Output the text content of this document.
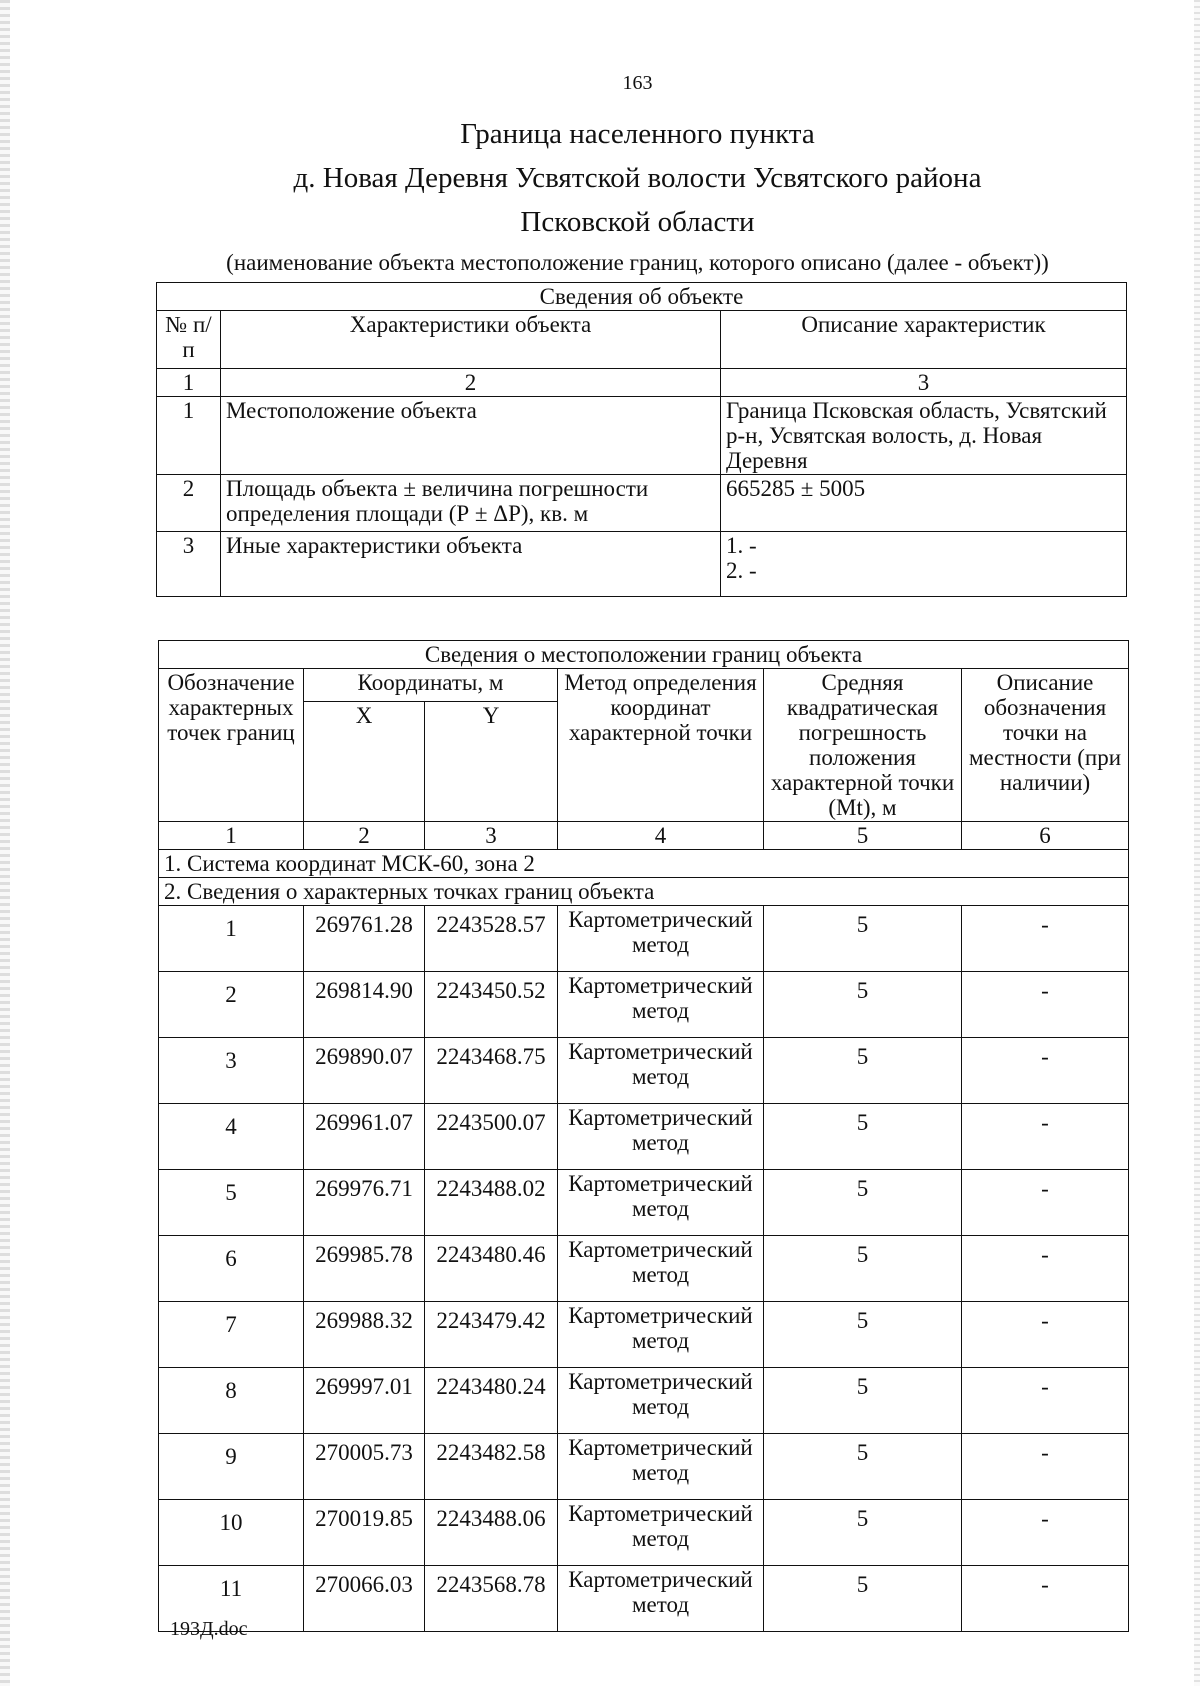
163
Граница населенного пункта
д. Новая Деревня Усвятской волости Усвятского района
Псковской области
(наименование объекта местоположение границ, которого описано (далее - объект))
Сведения об объекте		
№ п/п	Характеристики объекта	Описание характеристик
1	2	3
1	Местоположение объекта	Граница Псковская область, Усвятский р-н, Усвятская волость, д. Новая Деревня
2	Площадь объекта ± величина погрешности определения площади (Р ± ΔР), кв. м	665285 ± 5005
3	Иные характеристики объекта	1. -
2. -
Сведения о местоположении границ объекта					
Обозначение характерных точек границ	Координаты, м		Метод определения координат характерной точки	Средняя квадратическая погрешность положения характерной точки (Mt), м	Описание обозначения точки на местности (при наличии)
	X	Y			
1	2	3	4	5	6
1. Система координат МСК-60, зона 2					
2. Сведения о характерных точках границ объекта					
1	269761.28	2243528.57	Картометрический метод	5	-
2	269814.90	2243450.52	Картометрический метод	5	-
3	269890.07	2243468.75	Картометрический метод	5	-
4	269961.07	2243500.07	Картометрический метод	5	-
5	269976.71	2243488.02	Картометрический метод	5	-
6	269985.78	2243480.46	Картометрический метод	5	-
7	269988.32	2243479.42	Картометрический метод	5	-
8	269997.01	2243480.24	Картометрический метод	5	-
9	270005.73	2243482.58	Картометрический метод	5	-
10	270019.85	2243488.06	Картометрический метод	5	-
11	270066.03	2243568.78	Картометрический метод	5	-
193Д.doc
